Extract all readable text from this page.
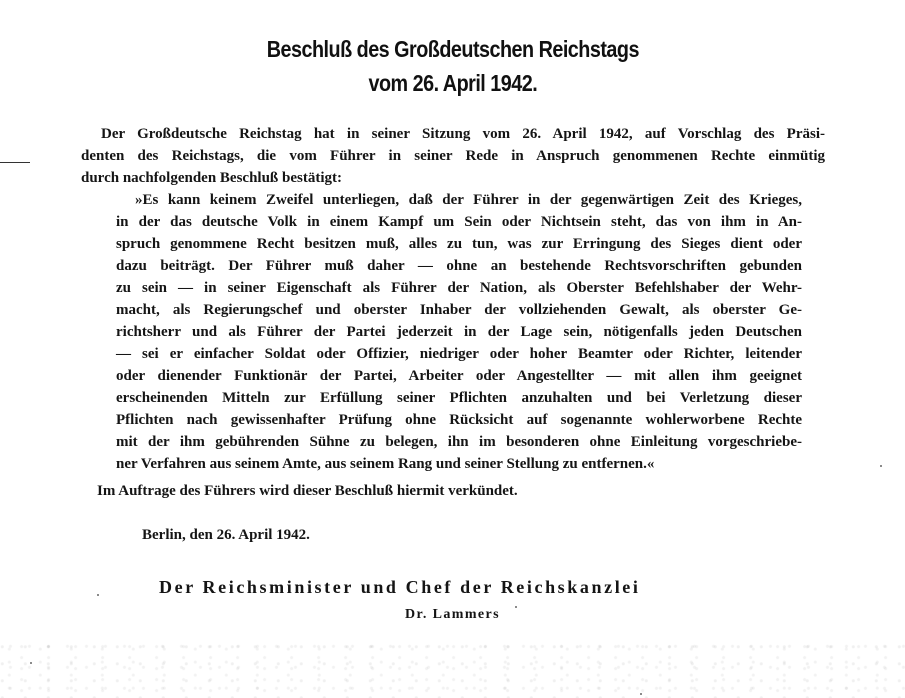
Beschluß des Großdeutschen Reichstags
vom 26. April 1942.
Der Großdeutsche Reichstag hat in seiner Sitzung vom 26. April 1942, auf Vorschlag des Präsi-
denten des Reichstags, die vom Führer in seiner Rede in Anspruch genommenen Rechte einmütig
durch nachfolgenden Beschluß bestätigt:
»Es kann keinem Zweifel unterliegen, daß der Führer in der gegenwärtigen Zeit des Krieges,
in der das deutsche Volk in einem Kampf um Sein oder Nichtsein steht, das von ihm in An-
spruch genommene Recht besitzen muß, alles zu tun, was zur Erringung des Sieges dient oder
dazu beiträgt. Der Führer muß daher — ohne an bestehende Rechtsvorschriften gebunden
zu sein — in seiner Eigenschaft als Führer der Nation, als Oberster Befehlshaber der Wehr-
macht, als Regierungschef und oberster Inhaber der vollziehenden Gewalt, als oberster Ge-
richtsherr und als Führer der Partei jederzeit in der Lage sein, nötigenfalls jeden Deutschen
— sei er einfacher Soldat oder Offizier, niedriger oder hoher Beamter oder Richter, leitender
oder dienender Funktionär der Partei, Arbeiter oder Angestellter — mit allen ihm geeignet
erscheinenden Mitteln zur Erfüllung seiner Pflichten anzuhalten und bei Verletzung dieser
Pflichten nach gewissenhafter Prüfung ohne Rücksicht auf sogenannte wohlerworbene Rechte
mit der ihm gebührenden Sühne zu belegen, ihn im besonderen ohne Einleitung vorgeschriebe-
ner Verfahren aus seinem Amte, aus seinem Rang und seiner Stellung zu entfernen.«
Im Auftrage des Führers wird dieser Beschluß hiermit verkündet.
Berlin, den 26. April 1942.
Der Reichsminister und Chef der Reichskanzlei
Dr. Lammers
